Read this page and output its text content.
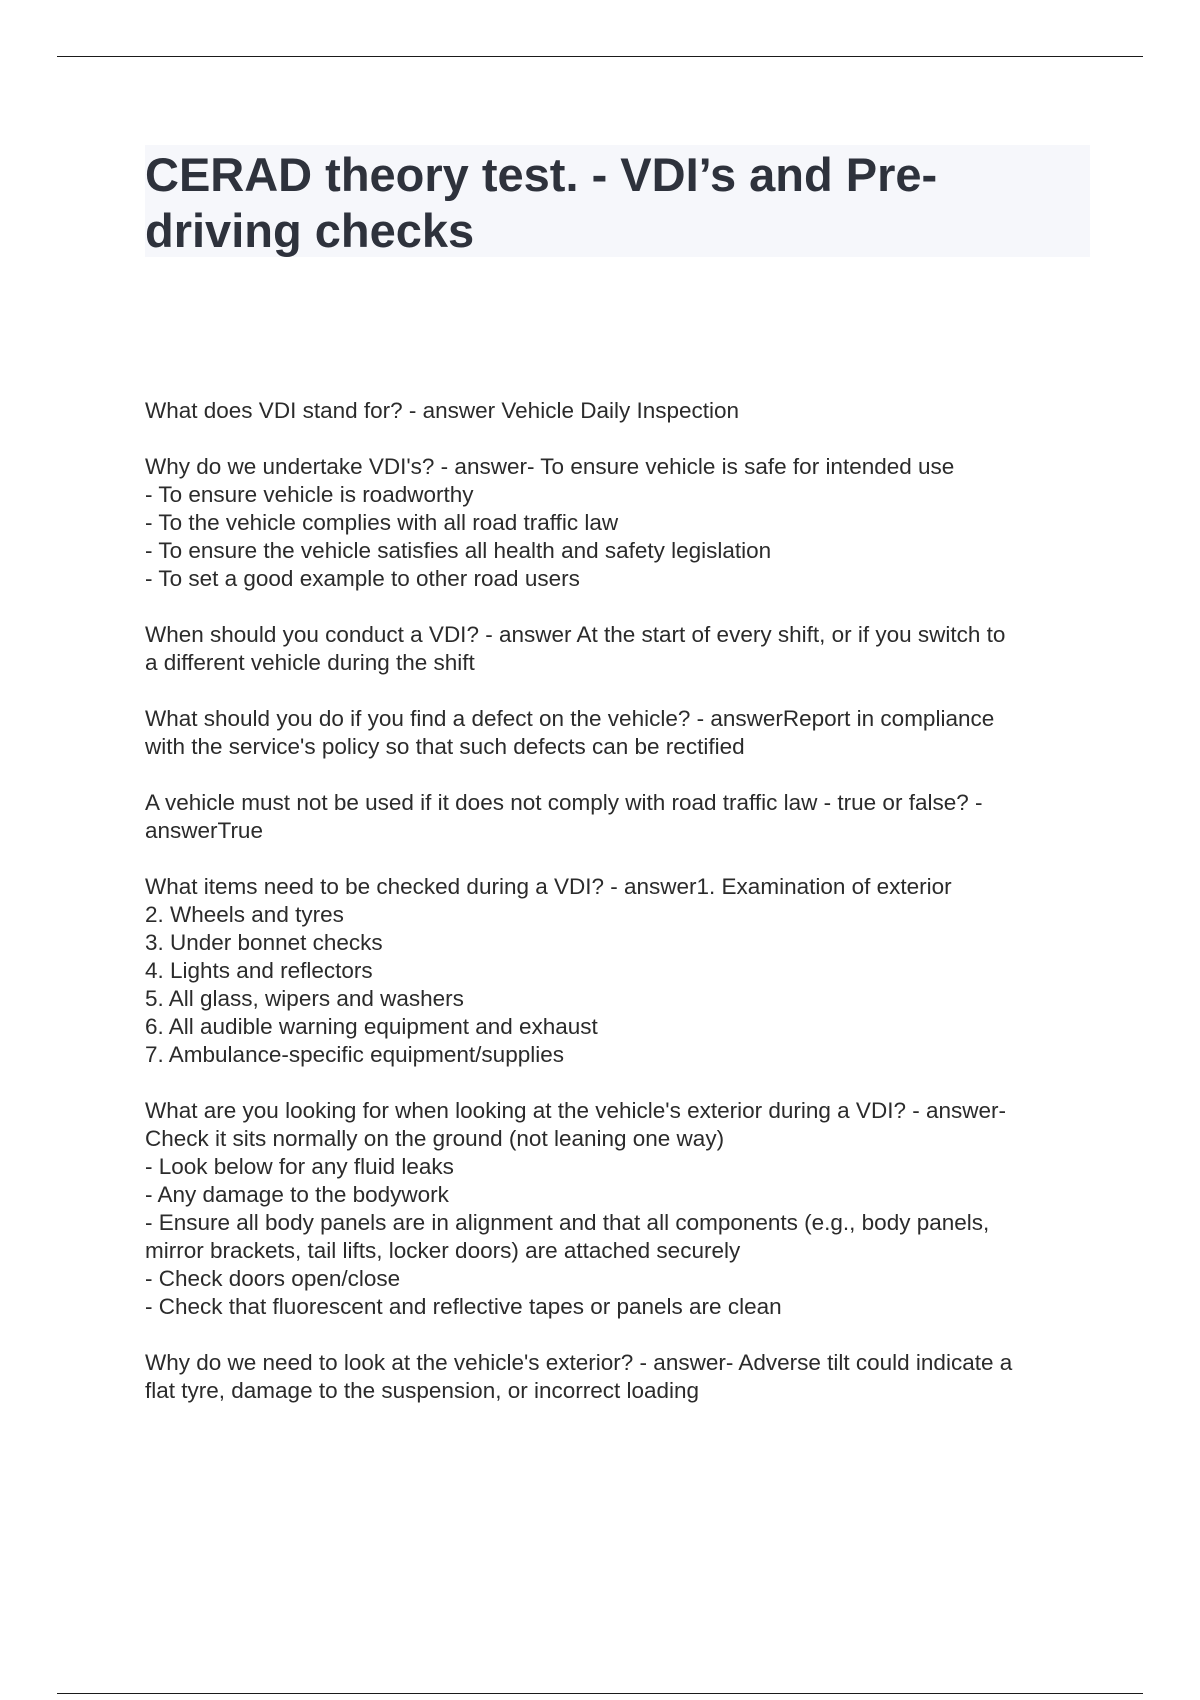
CERAD theory test. - VDI’s and Pre-
driving checks
What does VDI stand for? - answer Vehicle Daily Inspection
Why do we undertake VDI's? - answer- To ensure vehicle is safe for intended use
- To ensure vehicle is roadworthy
- To the vehicle complies with all road traffic law
- To ensure the vehicle satisfies all health and safety legislation
- To set a good example to other road users
When should you conduct a VDI? - answer At the start of every shift, or if you switch to
a different vehicle during the shift
What should you do if you find a defect on the vehicle? - answerReport in compliance
with the service's policy so that such defects can be rectified
A vehicle must not be used if it does not comply with road traffic law - true or false? -
answerTrue
What items need to be checked during a VDI? - answer1. Examination of exterior
2. Wheels and tyres
3. Under bonnet checks
4. Lights and reflectors
5. All glass, wipers and washers
6. All audible warning equipment and exhaust
7. Ambulance-specific equipment/supplies
What are you looking for when looking at the vehicle's exterior during a VDI? - answer-
Check it sits normally on the ground (not leaning one way)
- Look below for any fluid leaks
- Any damage to the bodywork
- Ensure all body panels are in alignment and that all components (e.g., body panels,
mirror brackets, tail lifts, locker doors) are attached securely
- Check doors open/close
- Check that fluorescent and reflective tapes or panels are clean
Why do we need to look at the vehicle's exterior? - answer- Adverse tilt could indicate a
flat tyre, damage to the suspension, or incorrect loading
